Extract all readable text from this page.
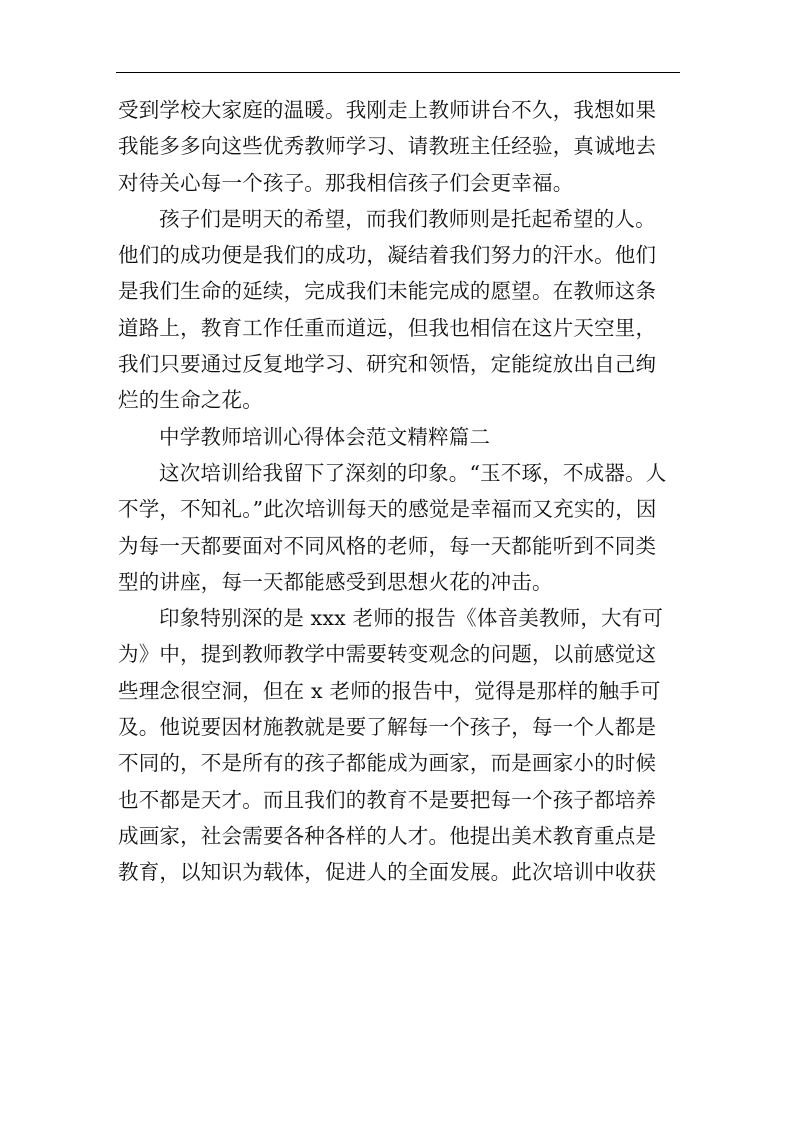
受到学校大家庭的温暖。我刚走上教师讲台不久，我想如果
我能多多向这些优秀教师学习、请教班主任经验，真诚地去
对待关心每一个孩子。那我相信孩子们会更幸福。
孩子们是明天的希望，而我们教师则是托起希望的人。
他们的成功便是我们的成功，凝结着我们努力的汗水。他们
是我们生命的延续，完成我们未能完成的愿望。在教师这条
道路上，教育工作任重而道远，但我也相信在这片天空里，
我们只要通过反复地学习、研究和领悟，定能绽放出自己绚
烂的生命之花。
中学教师培训心得体会范文精粹篇二
这次培训给我留下了深刻的印象。“玉不琢，不成器。人
不学，不知礼。”此次培训每天的感觉是幸福而又充实的，因
为每一天都要面对不同风格的老师，每一天都能听到不同类
型的讲座，每一天都能感受到思想火花的冲击。
印象特别深的是 xxx 老师的报告《体音美教师，大有可
为》中，提到教师教学中需要转变观念的问题，以前感觉这
些理念很空洞，但在 x 老师的报告中，觉得是那样的触手可
及。他说要因材施教就是要了解每一个孩子，每一个人都是
不同的，不是所有的孩子都能成为画家，而是画家小的时候
也不都是天才。而且我们的教育不是要把每一个孩子都培养
成画家，社会需要各种各样的人才。他提出美术教育重点是
教育，以知识为载体，促进人的全面发展。此次培训中收获
